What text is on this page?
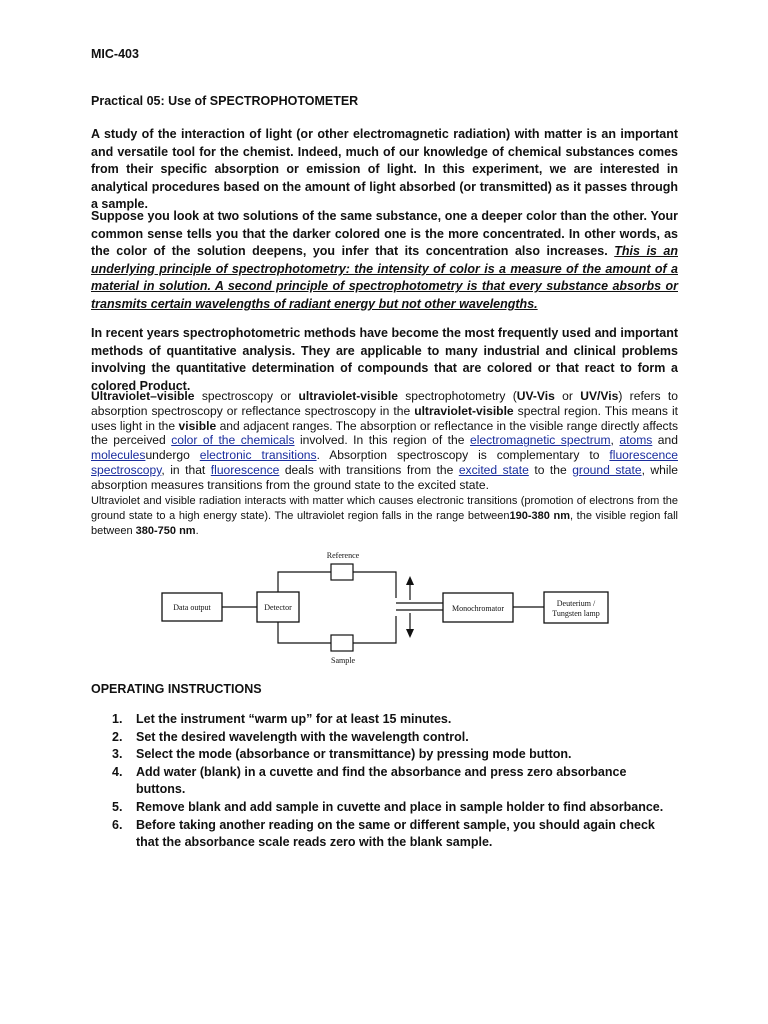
MIC-403
Practical 05: Use of SPECTROPHOTOMETER
A study of the interaction of light (or other electromagnetic radiation) with matter is an important and versatile tool for the chemist. Indeed, much of our knowledge of chemical substances comes from their specific absorption or emission of light. In this experiment, we are interested in analytical procedures based on the amount of light absorbed (or transmitted) as it passes through a sample.
Suppose you look at two solutions of the same substance, one a deeper color than the other. Your common sense tells you that the darker colored one is the more concentrated. In other words, as the color of the solution deepens, you infer that its concentration also increases. This is an underlying principle of spectrophotometry: the intensity of color is a measure of the amount of a material in solution. A second principle of spectrophotometry is that every substance absorbs or transmits certain wavelengths of radiant energy but not other wavelengths.
In recent years spectrophotometric methods have become the most frequently used and important methods of quantitative analysis. They are applicable to many industrial and clinical problems involving the quantitative determination of compounds that are colored or that react to form a colored Product.
Ultraviolet–visible spectroscopy or ultraviolet-visible spectrophotometry (UV-Vis or UV/Vis) refers to absorption spectroscopy or reflectance spectroscopy in the ultraviolet-visible spectral region. This means it uses light in the visible and adjacent ranges. The absorption or reflectance in the visible range directly affects the perceived color of the chemicals involved. In this region of the electromagnetic spectrum, atoms and moleculesundergo electronic transitions. Absorption spectroscopy is complementary to fluorescence spectroscopy, in that fluorescence deals with transitions from the excited state to the ground state, while absorption measures transitions from the ground state to the excited state.
Ultraviolet and visible radiation interacts with matter which causes electronic transitions (promotion of electrons from the ground state to a high energy state). The ultraviolet region falls in the range between190-380 nm, the visible region fall between 380-750 nm.
Data output	Detector
Reference
Sample
Monochromator
Deuterium /
Tungsten lamp
OPERATING INSTRUCTIONS
1. Let the instrument “warm up” for at least 15 minutes.
2. Set the desired wavelength with the wavelength control.
3. Select the mode (absorbance or transmittance) by pressing mode button.
4. Add water (blank) in a cuvette and find the absorbance and press zero absorbance buttons.
5. Remove blank and add sample in cuvette and place in sample holder to find absorbance.
6. Before taking another reading on the same or different sample, you should again check that the absorbance scale reads zero with the blank sample.
